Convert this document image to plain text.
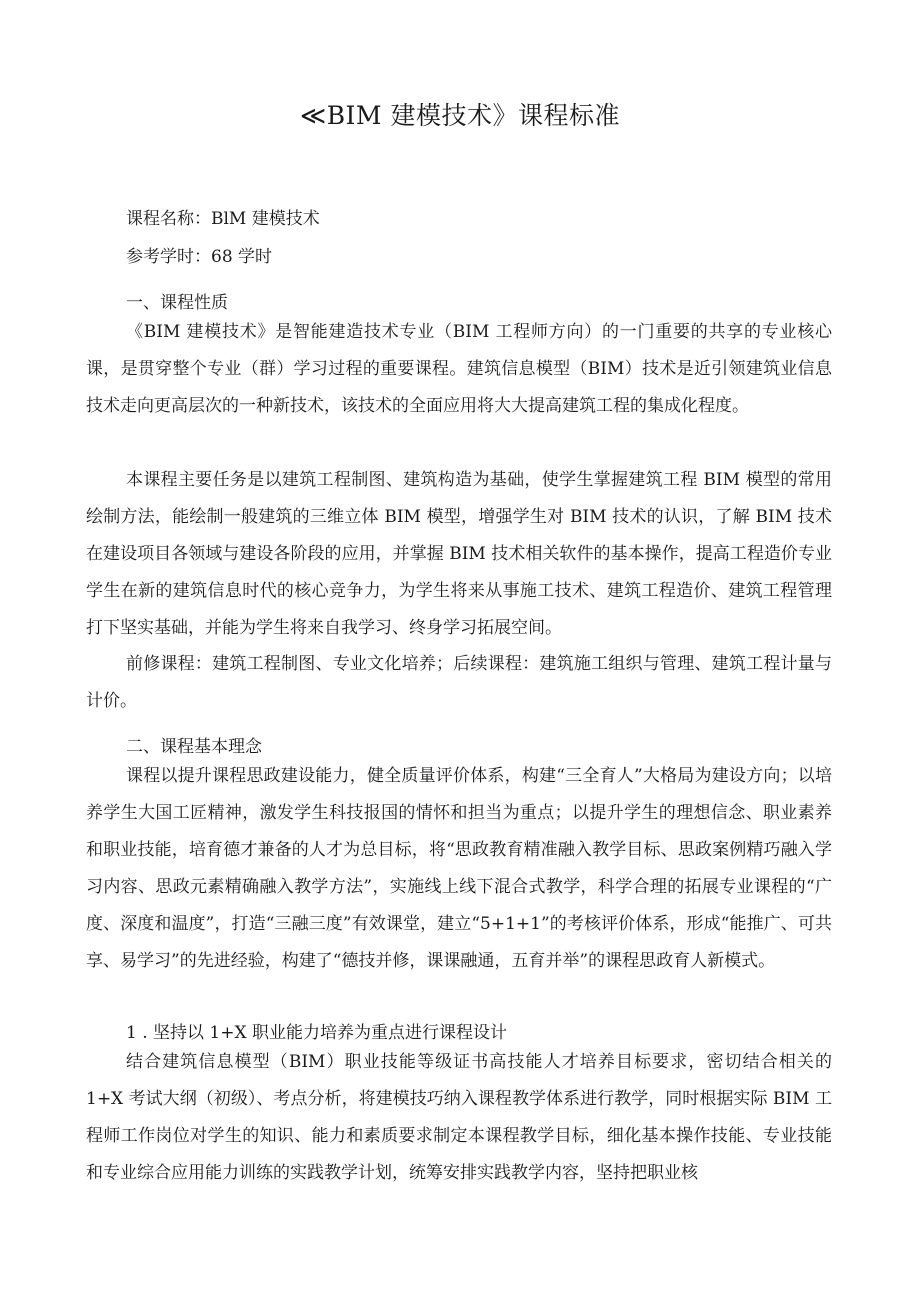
≪BIM 建模技术》课程标准

课程名称：BlM 建模技术

参考学时：68 学时

一、课程性质

《BIM 建模技术》是智能建造技术专业（BIM 工程师方向）的一门重要的共享的专业核心课，是贯穿整个专业（群）学习过程的重要课程。建筑信息模型（BIM）技术是近引领建筑业信息技术走向更高层次的一种新技术，该技术的全面应用将大大提高建筑工程的集成化程度。

本课程主要任务是以建筑工程制图、建筑构造为基础，使学生掌握建筑工程 BIM 模型的常用绘制方法，能绘制一般建筑的三维立体 BIM 模型，增强学生对 BIM 技术的认识，了解 BIM 技术在建设项目各领域与建设各阶段的应用，并掌握 BIM 技术相关软件的基本操作，提高工程造价专业学生在新的建筑信息时代的核心竞争力，为学生将来从事施工技术、建筑工程造价、建筑工程管理打下坚实基础，并能为学生将来自我学习、终身学习拓展空间。

前修课程：建筑工程制图、专业文化培养；后续课程：建筑施工组织与管理、建筑工程计量与计价。

二、课程基本理念

课程以提升课程思政建设能力，健全质量评价体系，构建“三全育人”大格局为建设方向；以培养学生大国工匠精神，激发学生科技报国的情怀和担当为重点；以提升学生的理想信念、职业素养和职业技能，培育德才兼备的人才为总目标，将“思政教育精准融入教学目标、思政案例精巧融入学习内容、思政元素精确融入教学方法”，实施线上线下混合式教学，科学合理的拓展专业课程的“广度、深度和温度”，打造“三融三度”有效课堂，建立“5+1+1”的考核评价体系，形成“能推广、可共享、易学习”的先进经验，构建了“德技并修，课课融通，五育并举”的课程思政育人新模式。

1 . 坚持以 1+X 职业能力培养为重点进行课程设计

结合建筑信息模型（BIM）职业技能等级证书高技能人才培养目标要求，密切结合相关的 1+X 考试大纲（初级）、考点分析，将建模技巧纳入课程教学体系进行教学，同时根据实际 BIM 工程师工作岗位对学生的知识、能力和素质要求制定本课程教学目标，细化基本操作技能、专业技能和专业综合应用能力训练的实践教学计划，统筹安排实践教学内容，坚持把职业核
